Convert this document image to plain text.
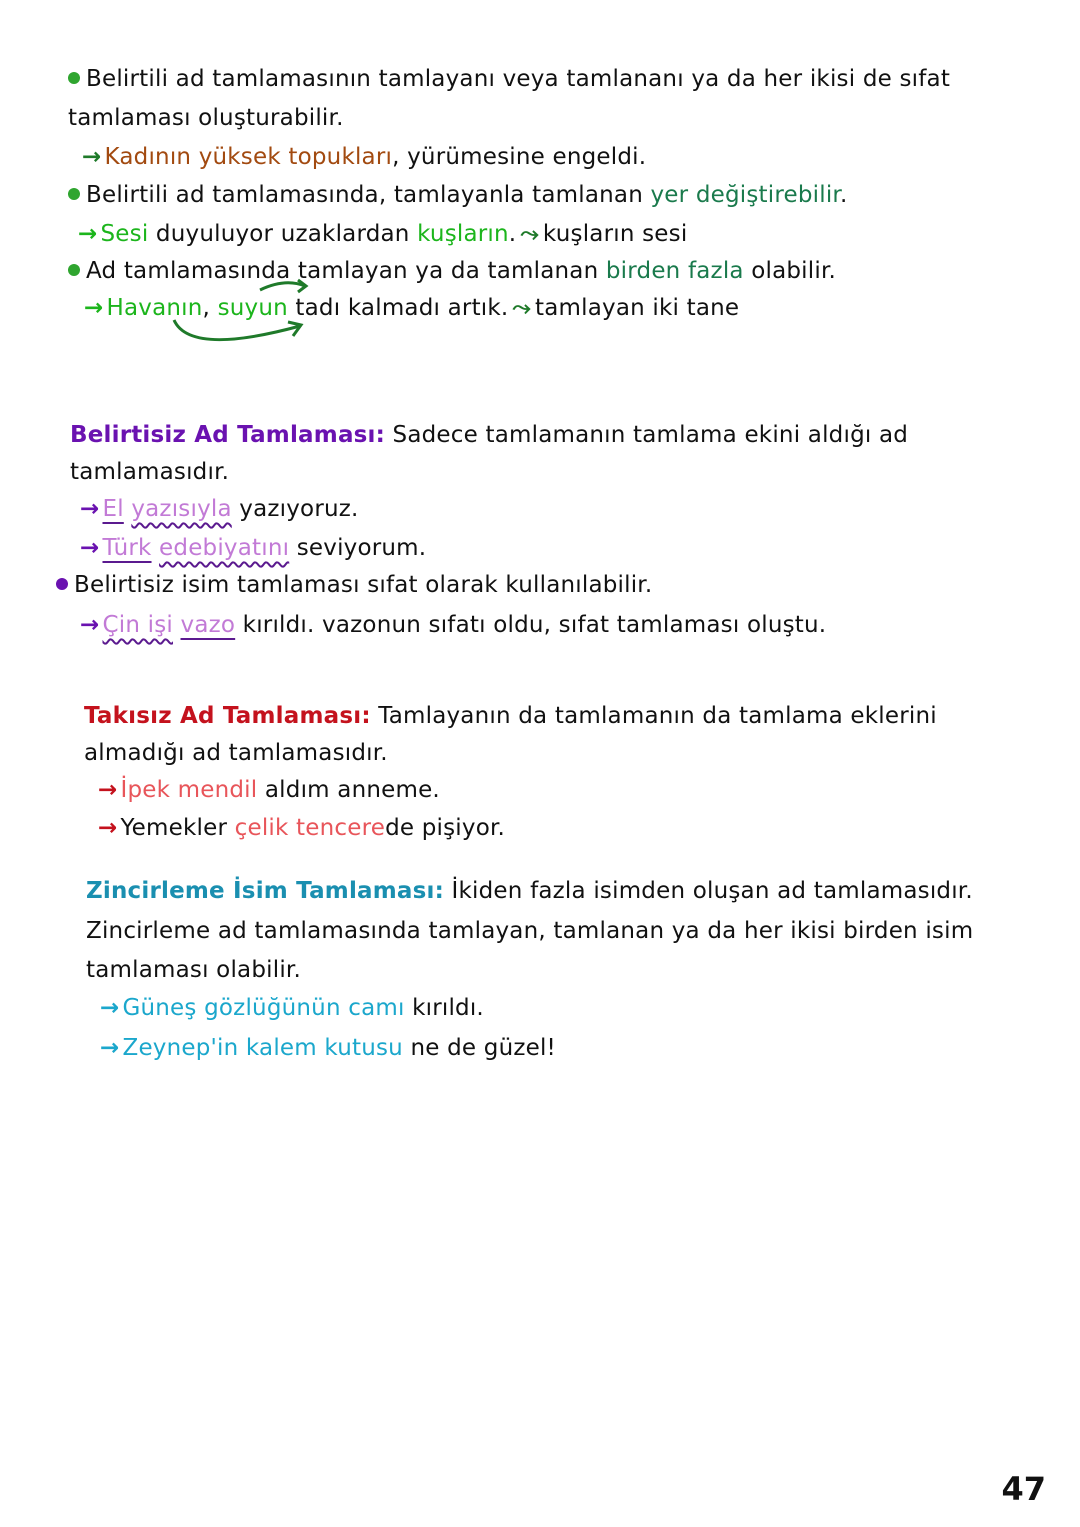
Belirtili ad tamlamasının tamlayanı veya tamlananı ya da her ikisi de sıfat
tamlaması oluşturabilir.
→ Kadının yüksek topukları, yürümesine engeldi.
Belirtili ad tamlamasında, tamlayanla tamlanan yer değiştirebilir.
→ Sesi duyuluyor uzaklardan kuşların. ⤳ kuşların sesi
Ad tamlamasında tamlayan ya da tamlanan birden fazla olabilir.
→ Havanın, suyun tadı kalmadı artık. ⤳ tamlayan iki tane
Belirtisiz Ad Tamlaması: Sadece tamlamanın tamlama ekini aldığı ad
tamlamasıdır.
→ El yazısıyla yazıyoruz.
→ Türk edebiyatını seviyorum.
Belirtisiz isim tamlaması sıfat olarak kullanılabilir.
→ Çin işi vazo kırıldı. vazonun sıfatı oldu, sıfat tamlaması oluştu.
Takısız Ad Tamlaması: Tamlayanın da tamlamanın da tamlama eklerini
almadığı ad tamlamasıdır.
→ İpek mendil aldım anneme.
→ Yemekler çelik tencerede pişiyor.
Zincirleme İsim Tamlaması: İkiden fazla isimden oluşan ad tamlamasıdır.
Zincirleme ad tamlamasında tamlayan, tamlanan ya da her ikisi birden isim
tamlaması olabilir.
→ Güneş gözlüğünün camı kırıldı.
→ Zeynep'in kalem kutusu ne de güzel!
47
